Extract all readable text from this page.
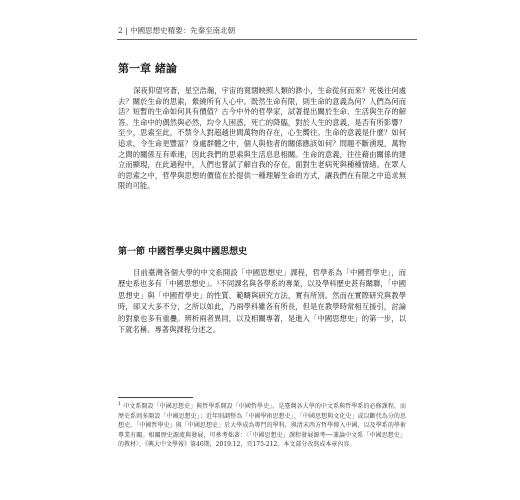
2 | 中國思想史精要：先秦至南北朝
第一章 緒論

深夜仰望穹蒼，星空浩瀚，宇宙的寬闊映照人類的渺小，生命從何而來？死後往何處去？關於生命的思索，縈繞所有人心中。既然生命有限，則生命的意義為何？人們為何而活？短暫的生命如何具有價值？古今中外的哲學家，試著提出關於生命、生活與生存的解答。生命中的偶然與必然，均令人困惑，死亡的降臨，對於人生的意義，是否有所影響？至少，思索至此，不禁令人對超越世間萬物的存在，心生嚮往。生命的意義是什麼？如何追求，令生命更豐富？身處群體之中，個人與他者的關係應該如何？問題不斷湧現，萬物之間的關係互有牽連，因此我們的思索與生活息息相關。生命的意義，往往藉由關係的建立而顯現，在此過程中，人們也嘗試了解自我的存在，面對生老病死與種種情緒。在眾人的思索之中，哲學與思想的價值在於提供一種理解生命的方式，讓我們在有限之中追求無限的可能。

第一節 中國哲學史與中國思想史

目前臺灣各個大學的中文系開設「中國思想史」課程，哲學系為「中國哲學史」，而歷史系也多有「中國思想史」。¹不同課名與各學系的專業，以及學科歷史甚有關聯，「中國思想史」與「中國哲學史」的性質、範疇與研究方法，實有所別。然而在實際研究與教學時，卻又大多不分，之所以如此，乃兩學科雖各有所長，但是在教學時常相互援引，討論的對象也多有重疊。辨析兩者異同，以及相關專著，是進入「中國思想史」的第一步，以下就名稱、專著與課程分述之。

$^1$ 中文系開設「中國思想史」與哲學系開設「中國哲學史」，是臺灣各大學的中文系與哲學系的必修課程，而歷史系則多開設「中國思想史」；近年則調整為「中國學術思想史」、「中國思想與文化史」或以斷代為分的思想史。「中國哲學史」與「中國思想史」於大學成為專門的學科，與清末西方哲學傳入中國，以及學系的學術專業有關。相關歷史源流與發展，可參考拙著：〈「中國思想史」課程發展源考──兼論中文系「中國思想史」的教材〉，《興大中文學報》第46期，2019.12，頁175-212。本文部分改寫成本章內容。
